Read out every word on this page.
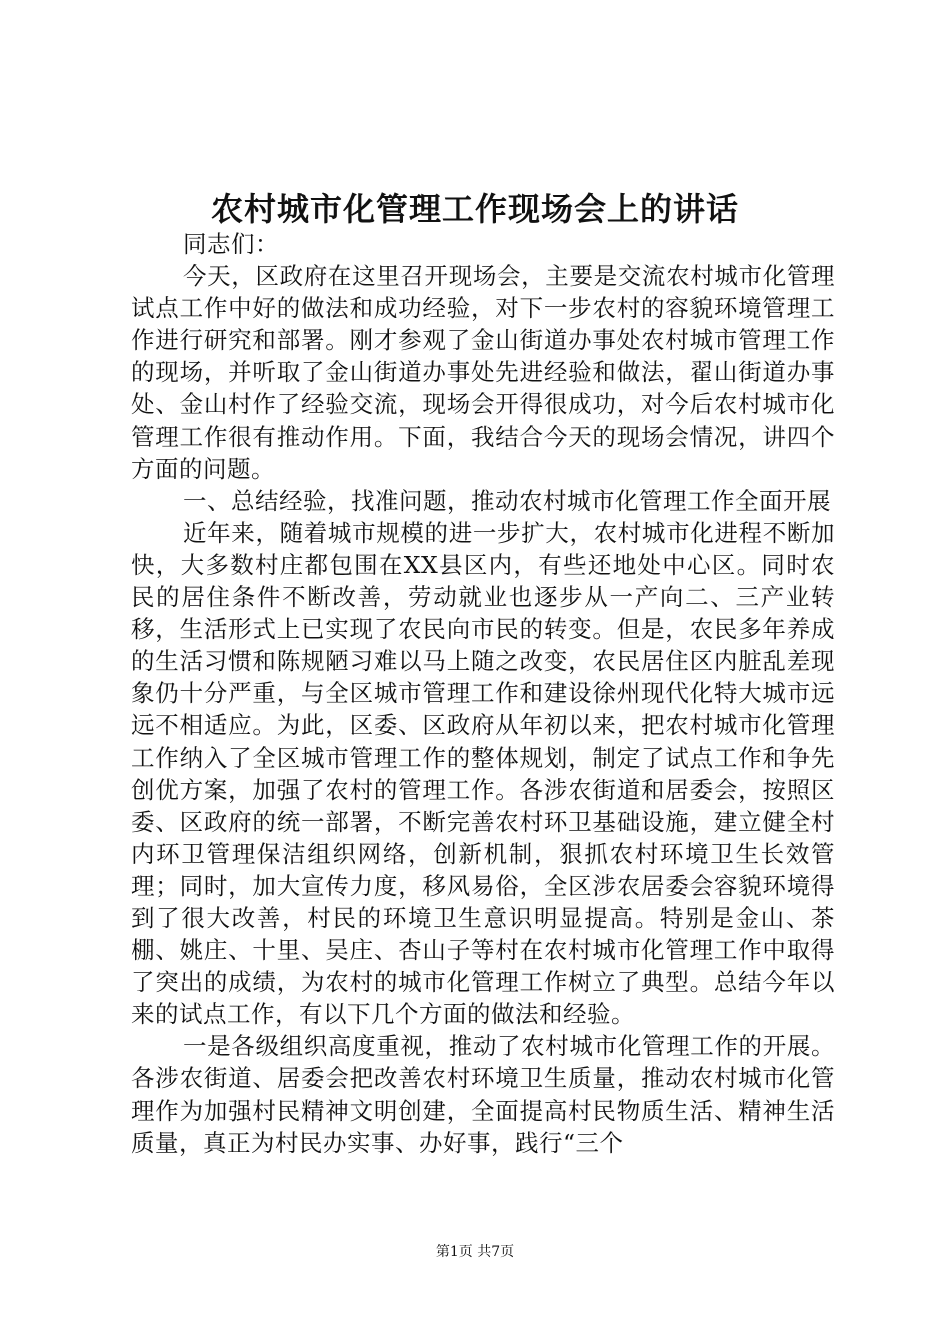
农村城市化管理工作现场会上的讲话

同志们：

今天，区政府在这里召开现场会，主要是交流农村城市化管理试点工作中好的做法和成功经验，对下一步农村的容貌环境管理工作进行研究和部署。刚才参观了金山街道办事处农村城市管理工作的现场，并听取了金山街道办事处先进经验和做法，翟山街道办事处、金山村作了经验交流，现场会开得很成功，对今后农村城市化管理工作很有推动作用。下面，我结合今天的现场会情况，讲四个方面的问题。

一、总结经验，找准问题，推动农村城市化管理工作全面开展

近年来，随着城市规模的进一步扩大，农村城市化进程不断加快，大多数村庄都包围在XX县区内，有些还地处中心区。同时农民的居住条件不断改善，劳动就业也逐步从一产向二、三产业转移，生活形式上已实现了农民向市民的转变。但是，农民多年养成的生活习惯和陈规陋习难以马上随之改变，农民居住区内脏乱差现象仍十分严重，与全区城市管理工作和建设徐州现代化特大城市远远不相适应。为此，区委、区政府从年初以来，把农村城市化管理工作纳入了全区城市管理工作的整体规划，制定了试点工作和争先创优方案，加强了农村的管理工作。各涉农街道和居委会，按照区委、区政府的统一部署，不断完善农村环卫基础设施，建立健全村内环卫管理保洁组织网络，创新机制，狠抓农村环境卫生长效管理；同时，加大宣传力度，移风易俗，全区涉农居委会容貌环境得到了很大改善，村民的环境卫生意识明显提高。特别是金山、茶棚、姚庄、十里、吴庄、杏山子等村在农村城市化管理工作中取得了突出的成绩，为农村的城市化管理工作树立了典型。总结今年以来的试点工作，有以下几个方面的做法和经验。

一是各级组织高度重视，推动了农村城市化管理工作的开展。各涉农街道、居委会把改善农村环境卫生质量，推动农村城市化管理作为加强村民精神文明创建，全面提高村民物质生活、精神生活质量，真正为村民办实事、办好事，践行“三个

第1页 共7页
